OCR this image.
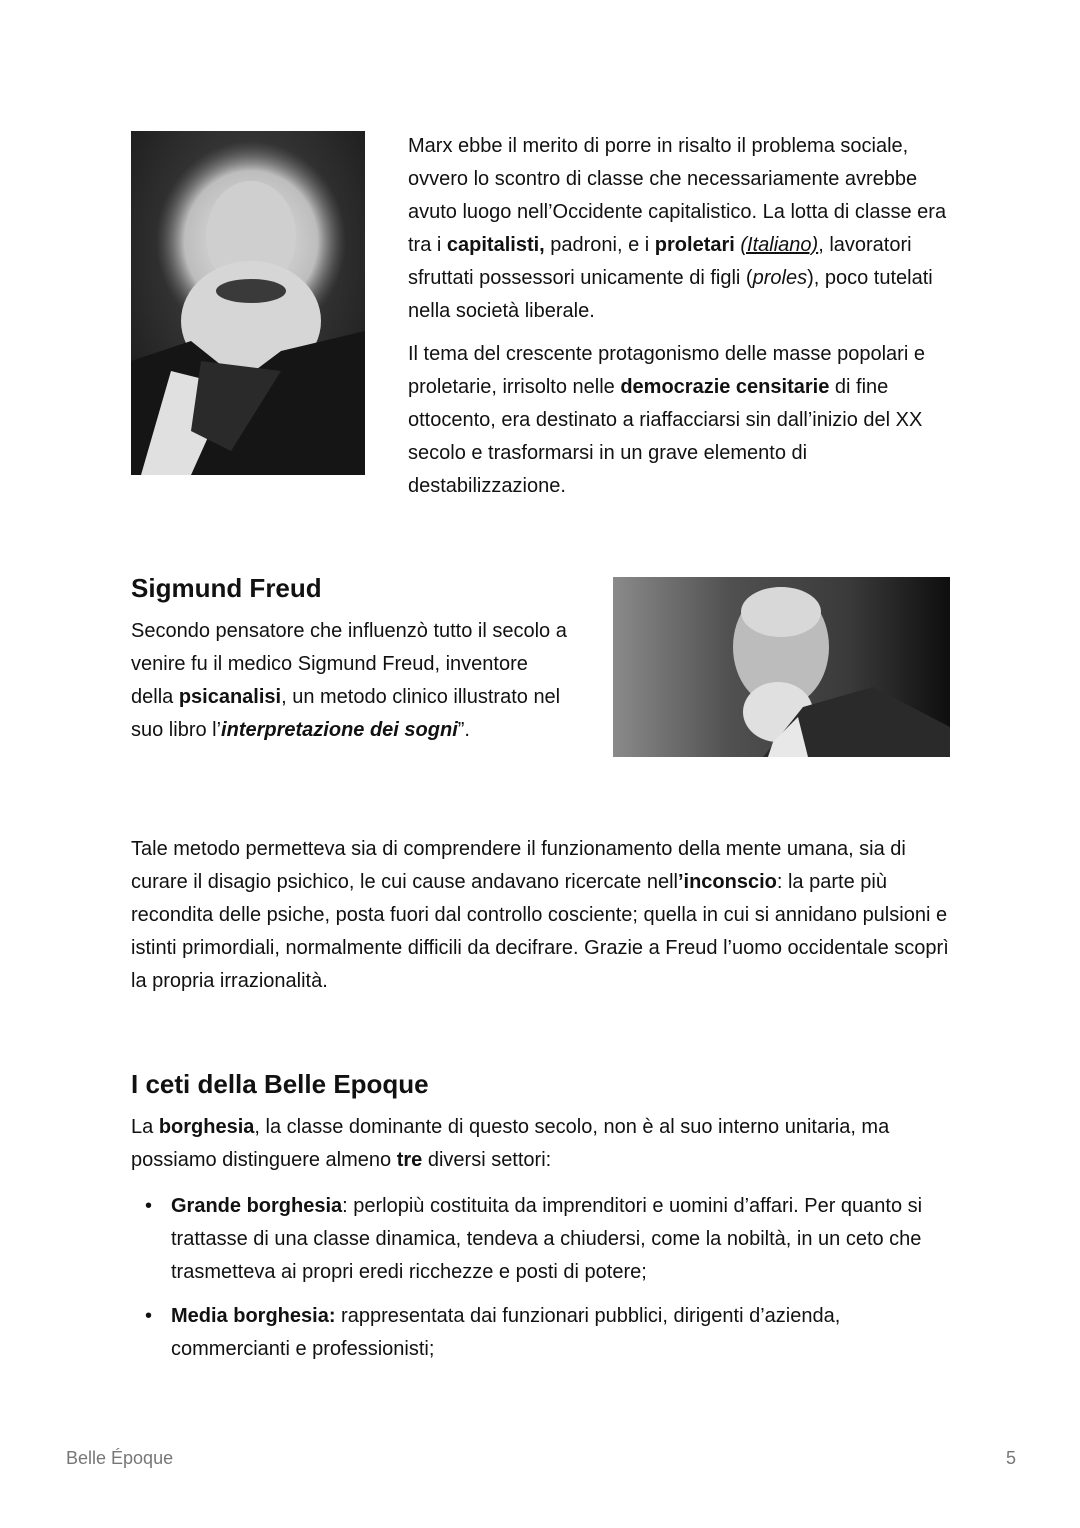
Marx ebbe il merito di porre in risalto il problema sociale, ovvero lo scontro di classe che necessariamente avrebbe avuto luogo nell’Occidente capitalistico. La lotta di classe era tra i capitalisti, padroni, e i proletari (Italiano), lavoratori sfruttati possessori unicamente di figli (proles), poco tutelati nella società liberale.

Il tema del crescente protagonismo delle masse popolari e proletarie, irrisolto nelle democrazie censitarie di fine ottocento, era destinato a riaffacciarsi sin dall’inizio del XX secolo e trasformarsi in un grave elemento di destabilizzazione.

Sigmund Freud

Secondo pensatore che influenzò tutto il secolo a venire fu il medico Sigmund Freud, inventore della psicanalisi, un metodo clinico illustrato nel suo libro l’interpretazione dei sogni”.

Tale metodo permetteva sia di comprendere il funzionamento della mente umana, sia di curare il disagio psichico, le cui cause andavano ricercate nell’inconscio: la parte più recondita delle psiche, posta fuori dal controllo cosciente; quella in cui si annidano pulsioni e istinti primordiali, normalmente difficili da decifrare. Grazie a Freud l’uomo occidentale scoprì la propria irrazionalità.

I ceti della Belle Epoque

La borghesia, la classe dominante di questo secolo, non è al suo interno unitaria, ma possiamo distinguere almeno tre diversi settori:

• Grande borghesia: perlopiù costituita da imprenditori e uomini d’affari. Per quanto si trattasse di una classe dinamica, tendeva a chiudersi, come la nobiltà, in un ceto che trasmetteva ai propri eredi ricchezze e posti di potere;
• Media borghesia: rappresentata dai funzionari pubblici, dirigenti d’azienda, commercianti e professionisti;
Belle Époque	5
